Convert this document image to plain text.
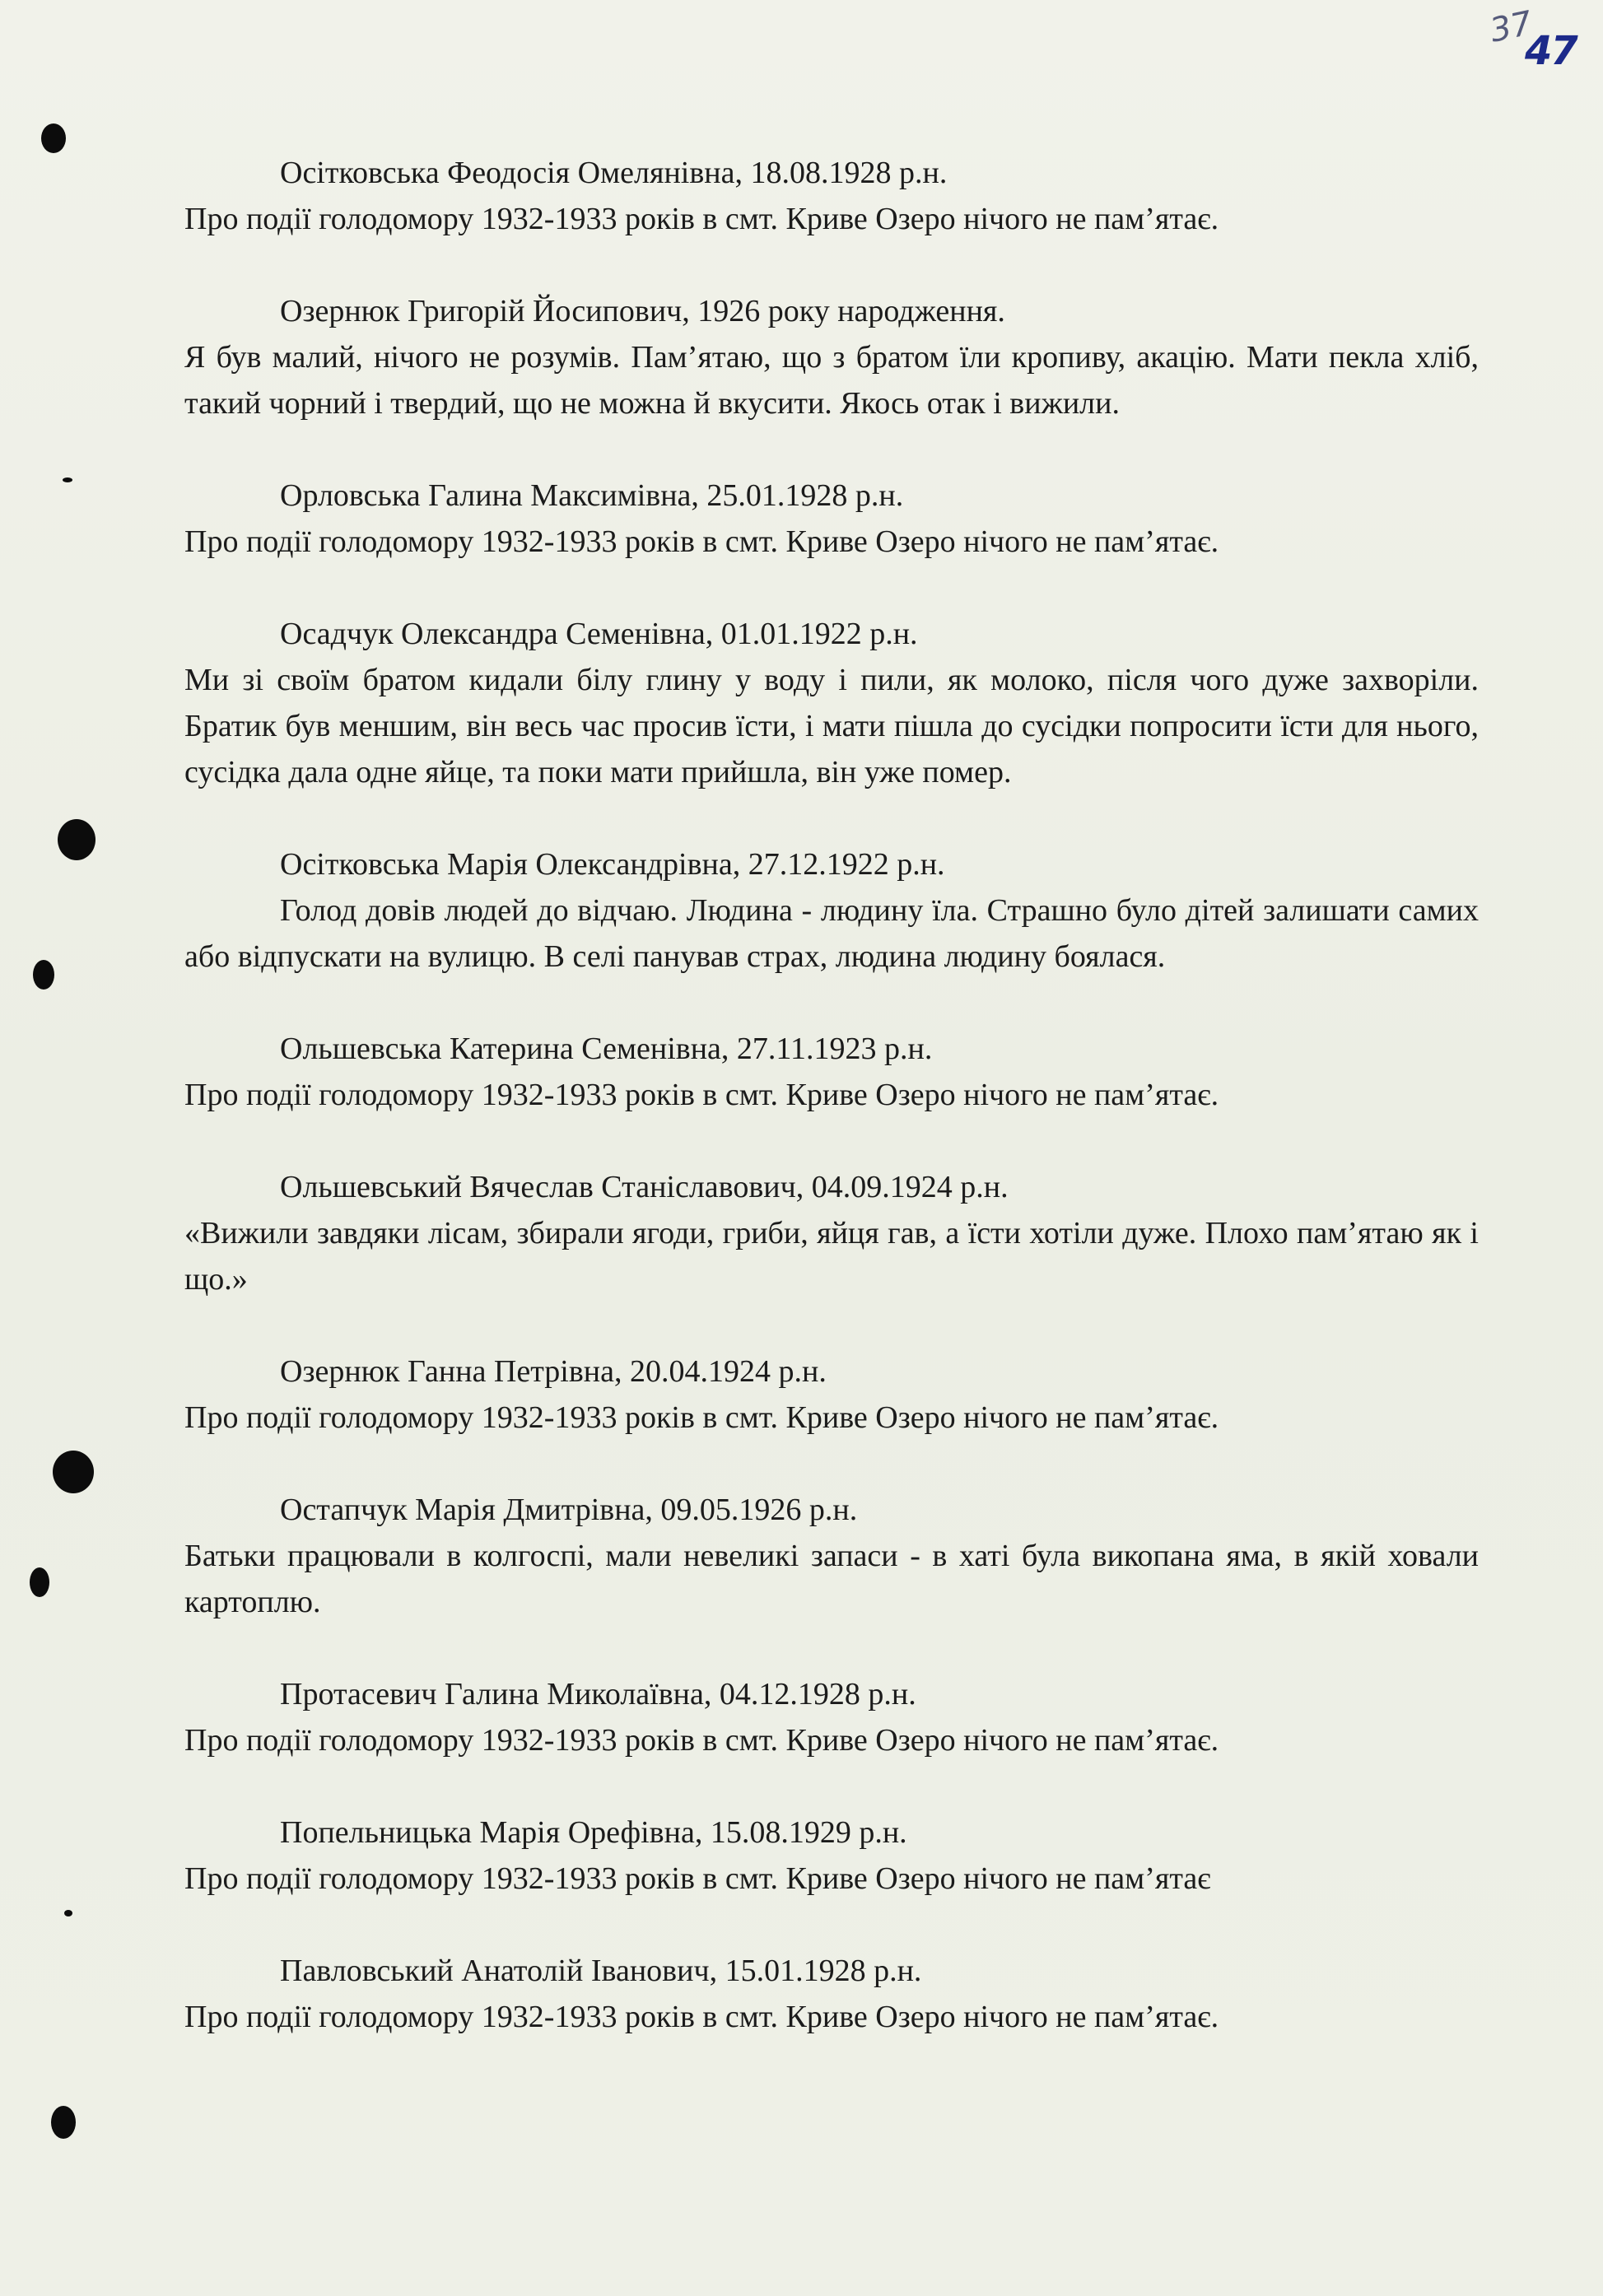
37
47

Осітковська Феодосія Омелянівна, 18.08.1928 р.н.

Про події голодомору 1932-1933 років в смт. Криве Озеро нічого не пам’ятає.

Озернюк Григорій Йосипович, 1926 року народження.

Я був малий, нічого не розумів. Пам’ятаю, що з братом їли кропиву, акацію. Мати пекла хліб, такий чорний і твердий, що не можна й вкусити. Якось отак і вижили.

Орловська Галина Максимівна, 25.01.1928 р.н.

Про події голодомору 1932-1933 років в смт. Криве Озеро нічого не пам’ятає.

Осадчук Олександра Семенівна, 01.01.1922 р.н.

Ми зі своїм братом кидали білу глину у воду і пили, як молоко, після чого дуже захворіли. Братик був меншим, він весь час просив їсти, і мати пішла до сусідки попросити їсти для нього, сусідка дала одне яйце, та поки мати прийшла, він уже помер.

Осітковська Марія Олександрівна, 27.12.1922 р.н.

Голод довів людей до відчаю. Людина - людину їла. Страшно було дітей залишати самих або відпускати на вулицю. В селі панував страх, людина людину боялася.

Ольшевська Катерина Семенівна, 27.11.1923 р.н.

Про події голодомору 1932-1933 років в смт. Криве Озеро нічого не пам’ятає.

Ольшевський Вячеслав Станіславович, 04.09.1924 р.н.

«Вижили завдяки лісам, збирали ягоди, гриби, яйця гав, а їсти хотіли дуже. Плохо пам’ятаю як і що.»

Озернюк Ганна Петрівна, 20.04.1924 р.н.

Про події голодомору 1932-1933 років в смт. Криве Озеро нічого не пам’ятає.

Остапчук Марія Дмитрівна, 09.05.1926 р.н.

Батьки працювали в колгоспі, мали невеликі запаси - в хаті була викопана яма, в якій ховали картоплю.

Протасевич Галина Миколаївна, 04.12.1928 р.н.

Про події голодомору 1932-1933 років в смт. Криве Озеро нічого не пам’ятає.

Попельницька Марія Орефівна, 15.08.1929 р.н.

Про події голодомору 1932-1933 років в смт. Криве Озеро нічого не пам’ятає

Павловський Анатолій Іванович, 15.01.1928 р.н.

Про події голодомору 1932-1933 років в смт. Криве Озеро нічого не пам’ятає.
